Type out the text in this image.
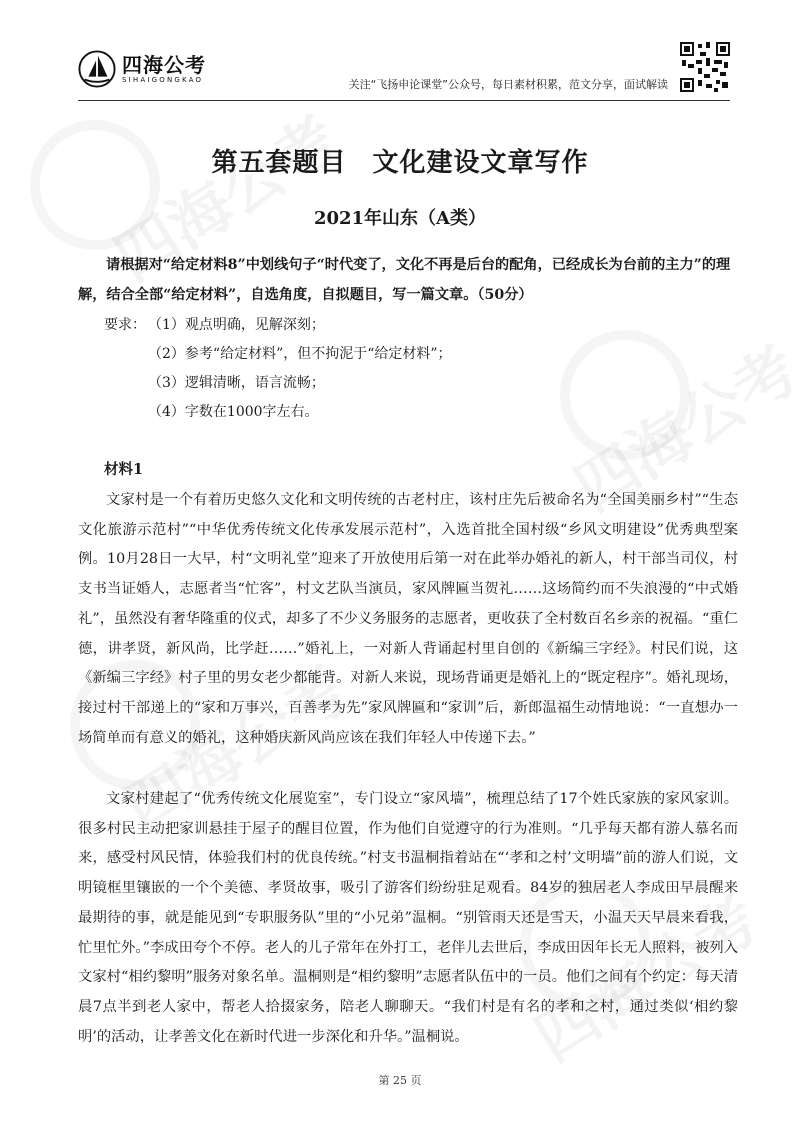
四海公考
SIHAIGONGKAO	关注“飞扬申论课堂”公众号，每日素材积累，范文分享，面试解读
第五套题目 文化建设文章写作
2021年山东（A类）
请根据对“给定材料8”中划线句子“时代变了，文化不再是后台的配角，已经成长为台前的主力”的理解，结合全部“给定材料”，自选角度，自拟题目，写一篇文章。（50分）
要求： （1）观点明确，见解深刻；
（2）参考“给定材料”，但不拘泥于“给定材料”；
（3）逻辑清晰，语言流畅；
（4）字数在1000字左右。
材料1
文家村是一个有着历史悠久文化和文明传统的古老村庄，该村庄先后被命名为“全国美丽乡村”“生态文化旅游示范村”“中华优秀传统文化传承发展示范村”，入选首批全国村级“乡风文明建设”优秀典型案例。10月28日一大早，村“文明礼堂”迎来了开放使用后第一对在此举办婚礼的新人，村干部当司仪，村支书当证婚人，志愿者当“忙客”，村文艺队当演员，家风牌匾当贺礼……这场简约而不失浪漫的“中式婚礼”，虽然没有奢华隆重的仪式，却多了不少义务服务的志愿者，更收获了全村数百名乡亲的祝福。“重仁德，讲孝贤，新风尚，比学赶……”婚礼上，一对新人背诵起村里自创的《新编三字经》。村民们说，这《新编三字经》村子里的男女老少都能背。对新人来说，现场背诵更是婚礼上的“既定程序”。婚礼现场，接过村干部递上的“家和万事兴，百善孝为先”家风牌匾和“家训”后，新郎温福生动情地说：“一直想办一场简单而有意义的婚礼，这种婚庆新风尚应该在我们年轻人中传递下去。”
文家村建起了“优秀传统文化展览室”，专门设立“家风墙”，梳理总结了17个姓氏家族的家风家训。很多村民主动把家训悬挂于屋子的醒目位置，作为他们自觉遵守的行为准则。“几乎每天都有游人慕名而来，感受村风民情，体验我们村的优良传统。”村支书温桐指着站在“‘孝和之村’文明墙”前的游人们说，文明镜框里镶嵌的一个个美德、孝贤故事，吸引了游客们纷纷驻足观看。84岁的独居老人李成田早晨醒来最期待的事，就是能见到“专职服务队”里的“小兄弟”温桐。“别管雨天还是雪天，小温天天早晨来看我，忙里忙外。”李成田夸个不停。老人的儿子常年在外打工，老伴儿去世后，李成田因年长无人照料，被列入文家村“相约黎明”服务对象名单。温桐则是“相约黎明”志愿者队伍中的一员。他们之间有个约定：每天清晨7点半到老人家中，帮老人拾掇家务，陪老人聊聊天。“我们村是有名的孝和之村，通过类似‘相约黎明’的活动，让孝善文化在新时代进一步深化和升华。”温桐说。
第 25 页
